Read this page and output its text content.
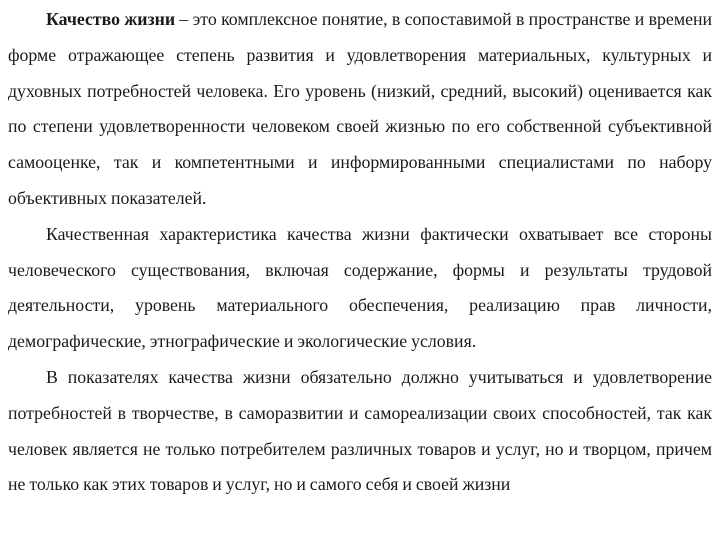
Качество жизни – это комплексное понятие, в сопоставимой в пространстве и времени форме отражающее степень развития и удовлетворения материальных, культурных и духовных потребностей человека. Его уровень (низкий, средний, высокий) оценивается как по степени удовлетворенности человеком своей жизнью по его собственной субъективной самооценке, так и компетентными и информированными специалистами по набору объективных показателей.

Качественная характеристика качества жизни фактически охватывает все стороны человеческого существования, включая содержание, формы и результаты трудовой деятельности, уровень материального обеспечения, реализацию прав личности, демографические, этнографические и экологические условия.

В показателях качества жизни обязательно должно учитываться и удовлетворение потребностей в творчестве, в саморазвитии и самореализации своих способностей, так как человек является не только потребителем различных товаров и услуг, но и творцом, причем не только как этих товаров и услуг, но и самого себя и своей жизни
